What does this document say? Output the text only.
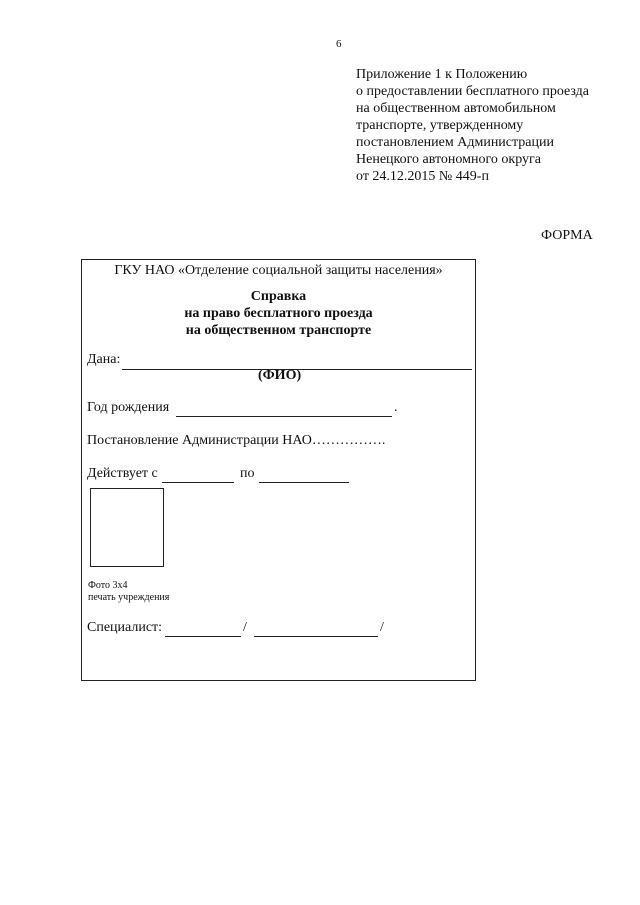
6
Приложение 1 к Положению
о предоставлении бесплатного проезда
на общественном автомобильном
транспорте, утвержденному
постановлением Администрации
Ненецкого автономного округа
от 24.12.2015 № 449-п
ФОРМА
ГКУ НАО «Отделение социальной защиты населения»
Справка
на право бесплатного проезда
на общественном транспорте
Дана:
(ФИО)
Год рождения	.
Постановление Администрации НАО…………….
Действует с	по
Фото 3х4
печать учреждения
Специалист:	/	/
